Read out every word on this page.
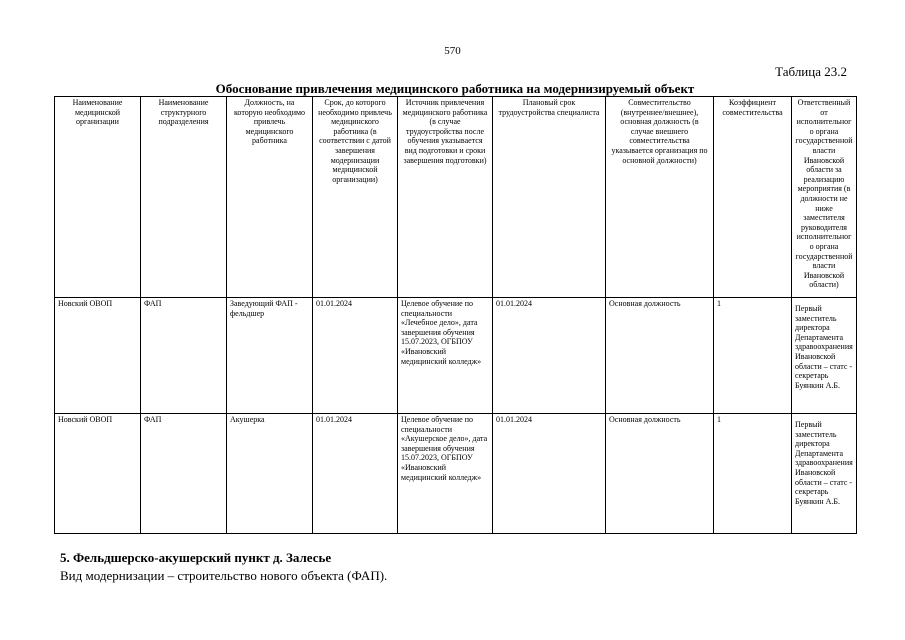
570
Таблица 23.2
Обоснование привлечения медицинского работника на модернизируемый объект
Наименование медицинской организации	Наименование структурного подразделения	Должность, на которую необходимо привлечь медицинского работника	Срок, до которого необходимо привлечь медицинского работника (в соответствии с датой завершения модернизации медицинской организации)	Источник привлечения медицинского работника (в случае трудоустройства после обучения указывается вид подготовки и сроки завершения подготовки)	Плановый срок трудоустройства специалиста	Совместительство (внутреннее/внешнее), основная должность (в случае внешнего совместительства указывается организация по основной должности)	Коэффициент совместительства	Ответственный от исполнительного органа государственной власти Ивановской области за реализацию мероприятия (в должности не ниже заместителя руководителя исполнительного органа государственной власти Ивановской области)
Новский ОВОП	ФАП	Заведующий ФАП - фельдшер	01.01.2024	Целевое обучение по специальности «Лечебное дело», дата завершения обучения 15.07.2023, ОГБПОУ «Ивановский медицинский колледж»	01.01.2024	Основная должность	1	Первый заместитель директора Департамента здравоохранения Ивановской области – статс - секретарь Буянкин А.Б.
Новский ОВОП	ФАП	Акушерка	01.01.2024	Целевое обучение по специальности «Акушерское дело», дата завершения обучения 15.07.2023, ОГБПОУ «Ивановский медицинский колледж»	01.01.2024	Основная должность	1	Первый заместитель директора Департамента здравоохранения Ивановской области – статс - секретарь Буянкин А.Б.
5. Фельдшерско-акушерский пункт д. Залесье
Вид модернизации – строительство нового объекта (ФАП).
